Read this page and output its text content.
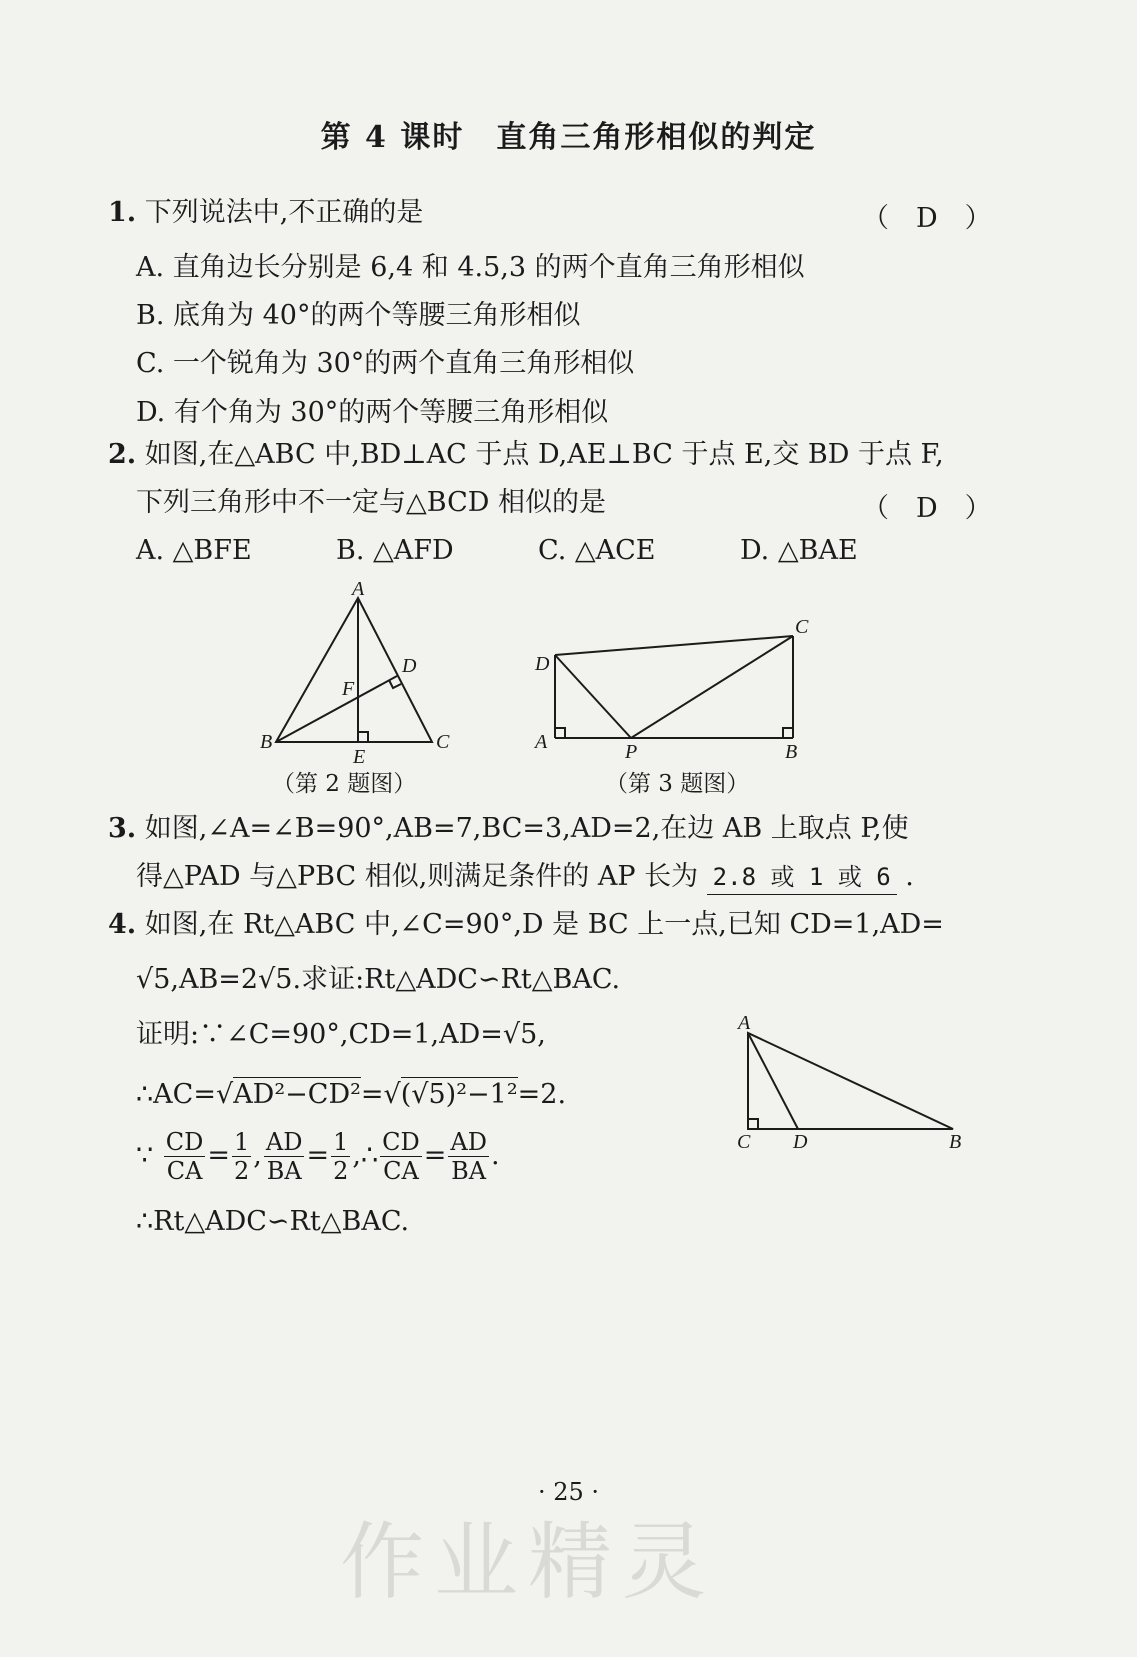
第 4 课时　直角三角形相似的判定
1. 下列说法中,不正确的是	（　D　）
A. 直角边长分别是 6,4 和 4.5,3 的两个直角三角形相似
B. 底角为 40°的两个等腰三角形相似
C. 一个锐角为 30°的两个直角三角形相似
D. 有个角为 30°的两个等腰三角形相似
2. 如图,在△ABC 中,BD⊥AC 于点 D,AE⊥BC 于点 E,交 BD 于点 F,
下列三角形中不一定与△BCD 相似的是	（　D　）
A. △BFE	B. △AFD	C. △ACE	D. △BAE
A
B	C
D
E
F
（第 2 题图）
A	B
C
D
P
（第 3 题图）
3. 如图,∠A=∠B=90°,AB=7,BC=3,AD=2,在边 AB 上取点 P,使
得△PAD 与△PBC 相似,则满足条件的 AP 长为 2.8 或 1 或 6 .
4. 如图,在 Rt△ABC 中,∠C=90°,D 是 BC 上一点,已知 CD=1,AD=
√5,AB=2√5.求证:Rt△ADC∽Rt△BAC.
证明:∵∠C=90°,CD=1,AD=√5,
∴AC=√AD²−CD²=√(√5)²−1²=2.
∵ $\frac{CD}{CA} = \frac{1}{2}$ , $\frac{AD}{BA} = \frac{1}{2}$ ,∴ $\frac{CD}{CA} = \frac{AD}{BA}$ .
∴Rt△ADC∽Rt△BAC.
A
C D	B
· 25 ·
作业精灵
